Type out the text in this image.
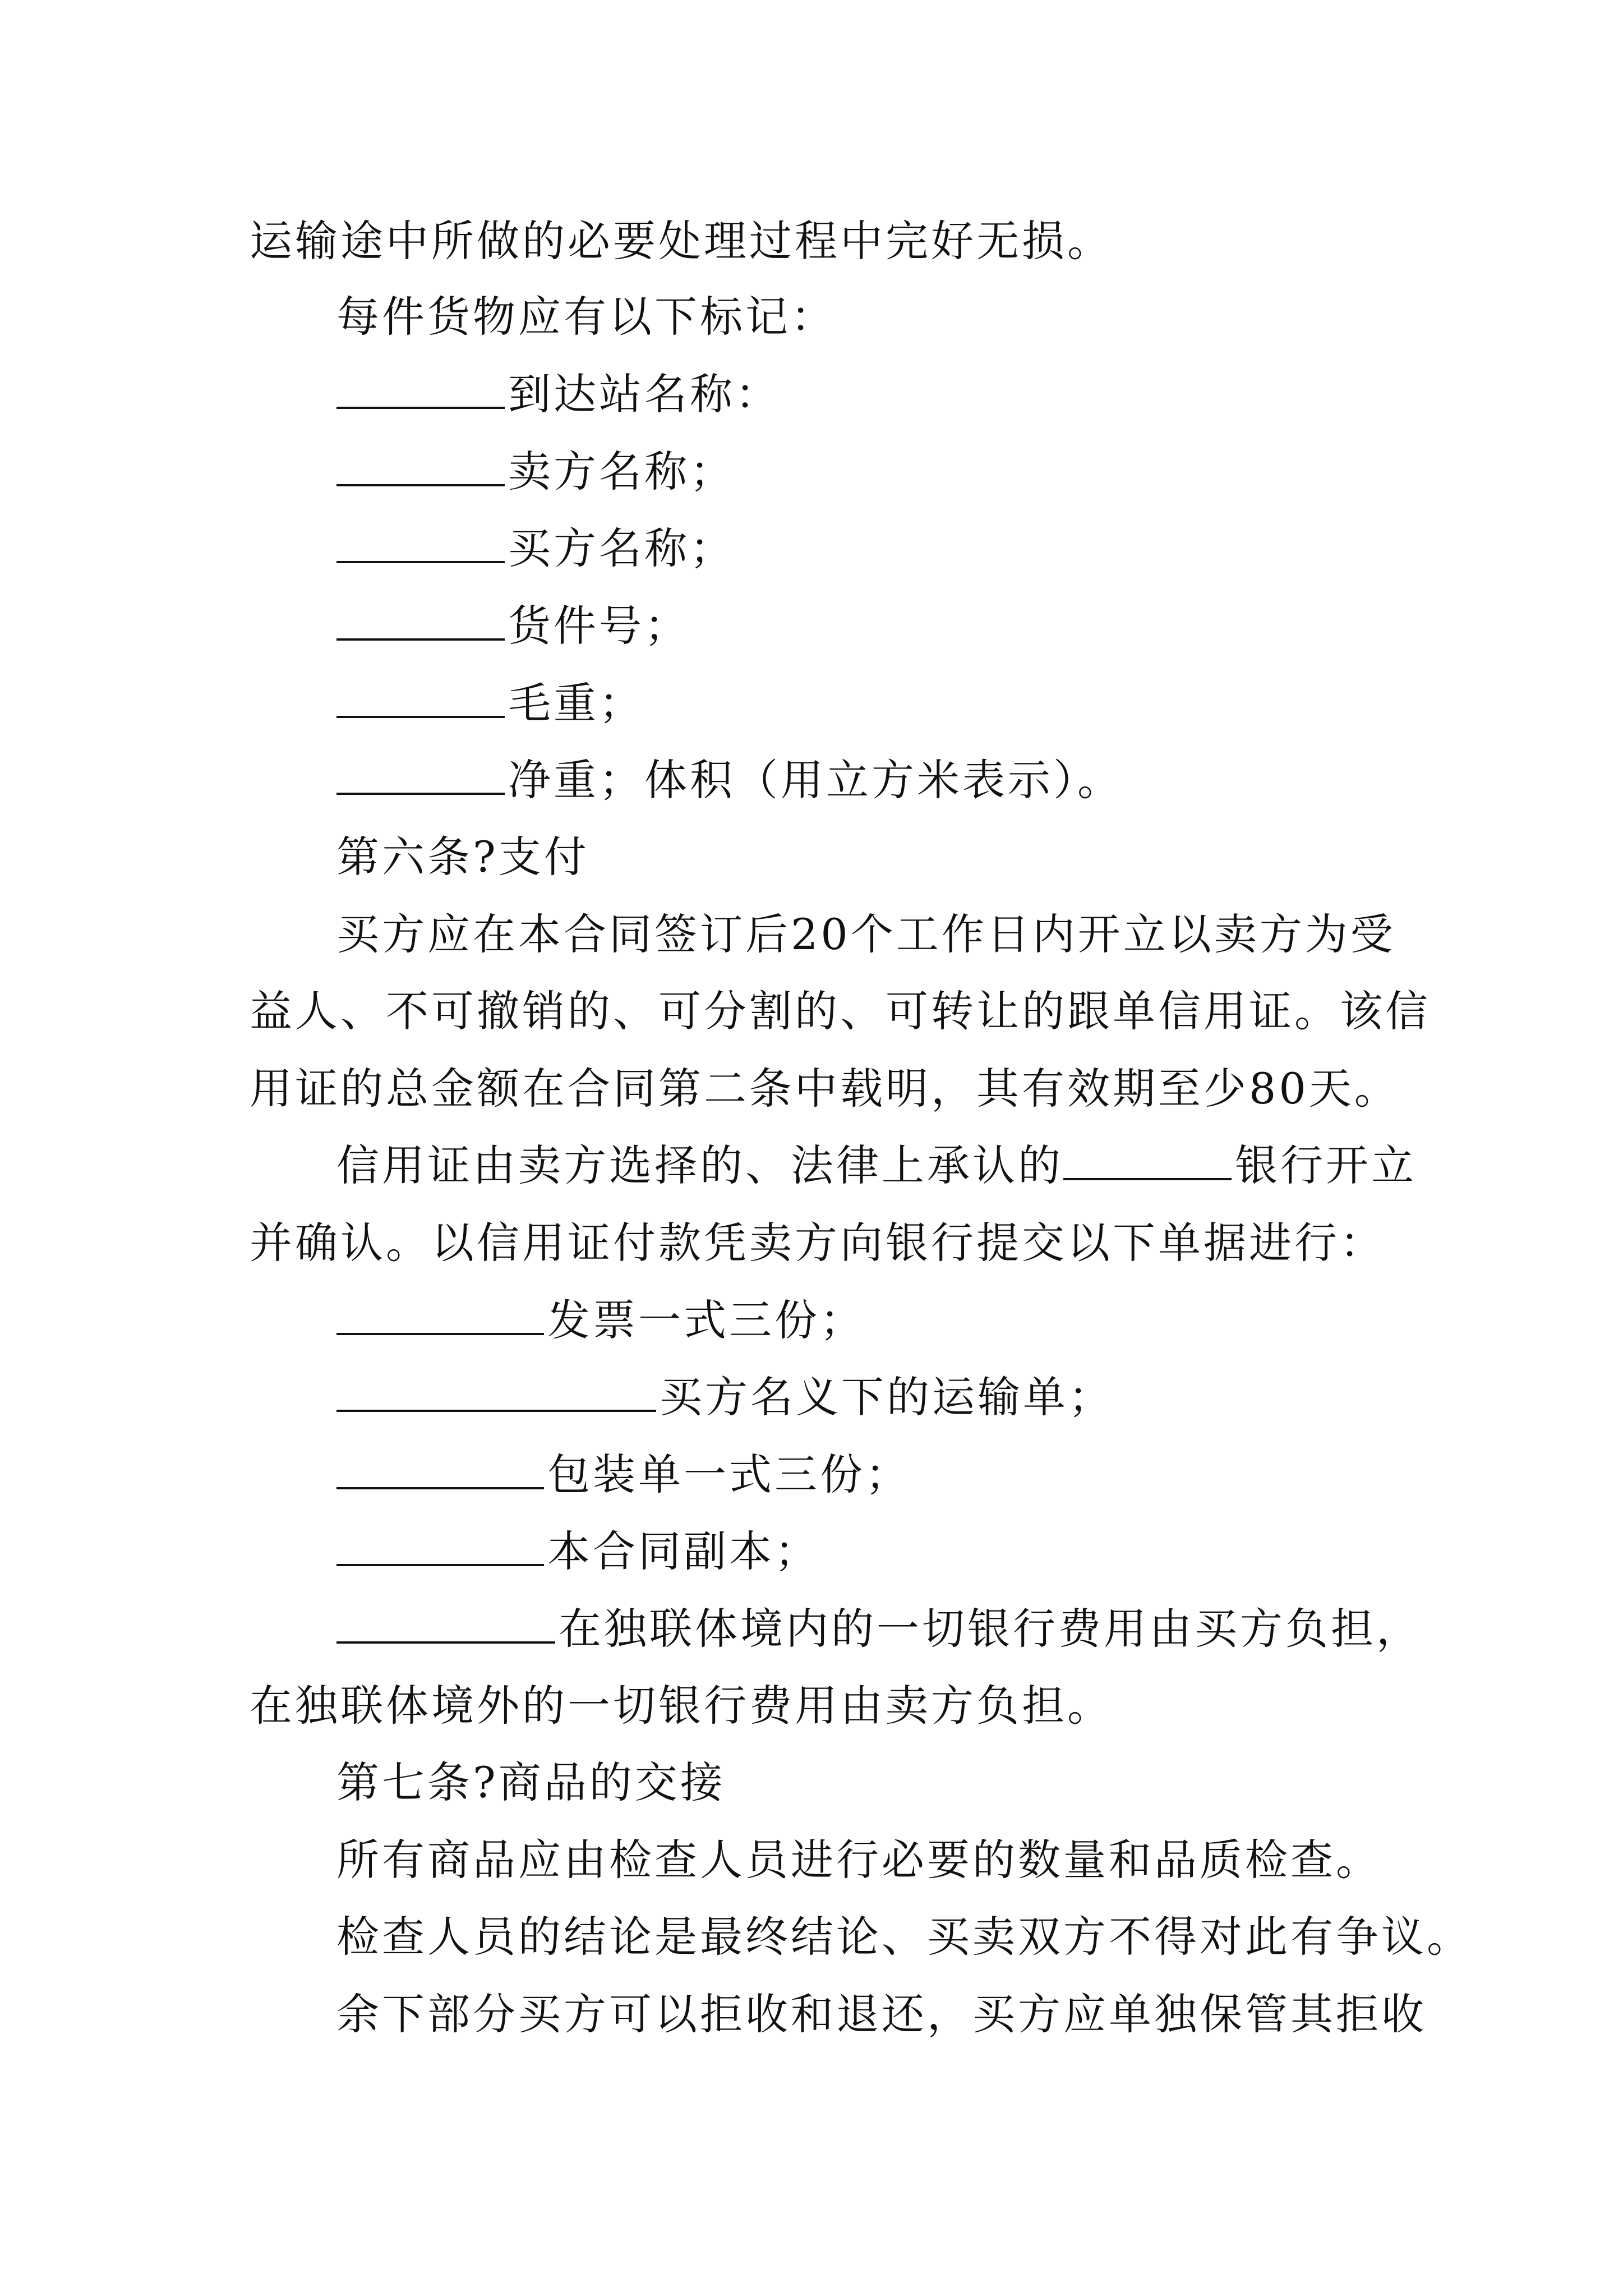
运输途中所做的必要处理过程中完好无损。
每件货物应有以下标记：
到达站名称：
卖方名称；
买方名称；
货件号；
毛重；
净重；体积（用立方米表示）。
第六条?支付
买方应在本合同签订后20个工作日内开立以卖方为受
益人、不可撤销的、可分割的、可转让的跟单信用证。该信
用证的总金额在合同第二条中载明，其有效期至少80天。
信用证由卖方选择的、法律上承认的	银行开立
并确认。以信用证付款凭卖方向银行提交以下单据进行：
发票一式三份；
买方名义下的运输单；
包装单一式三份；
本合同副本；
在独联体境内的一切银行费用由买方负担，
在独联体境外的一切银行费用由卖方负担。
第七条?商品的交接
所有商品应由检查人员进行必要的数量和品质检查。
检查人员的结论是最终结论、买卖双方不得对此有争议。
余下部分买方可以拒收和退还，买方应单独保管其拒收
